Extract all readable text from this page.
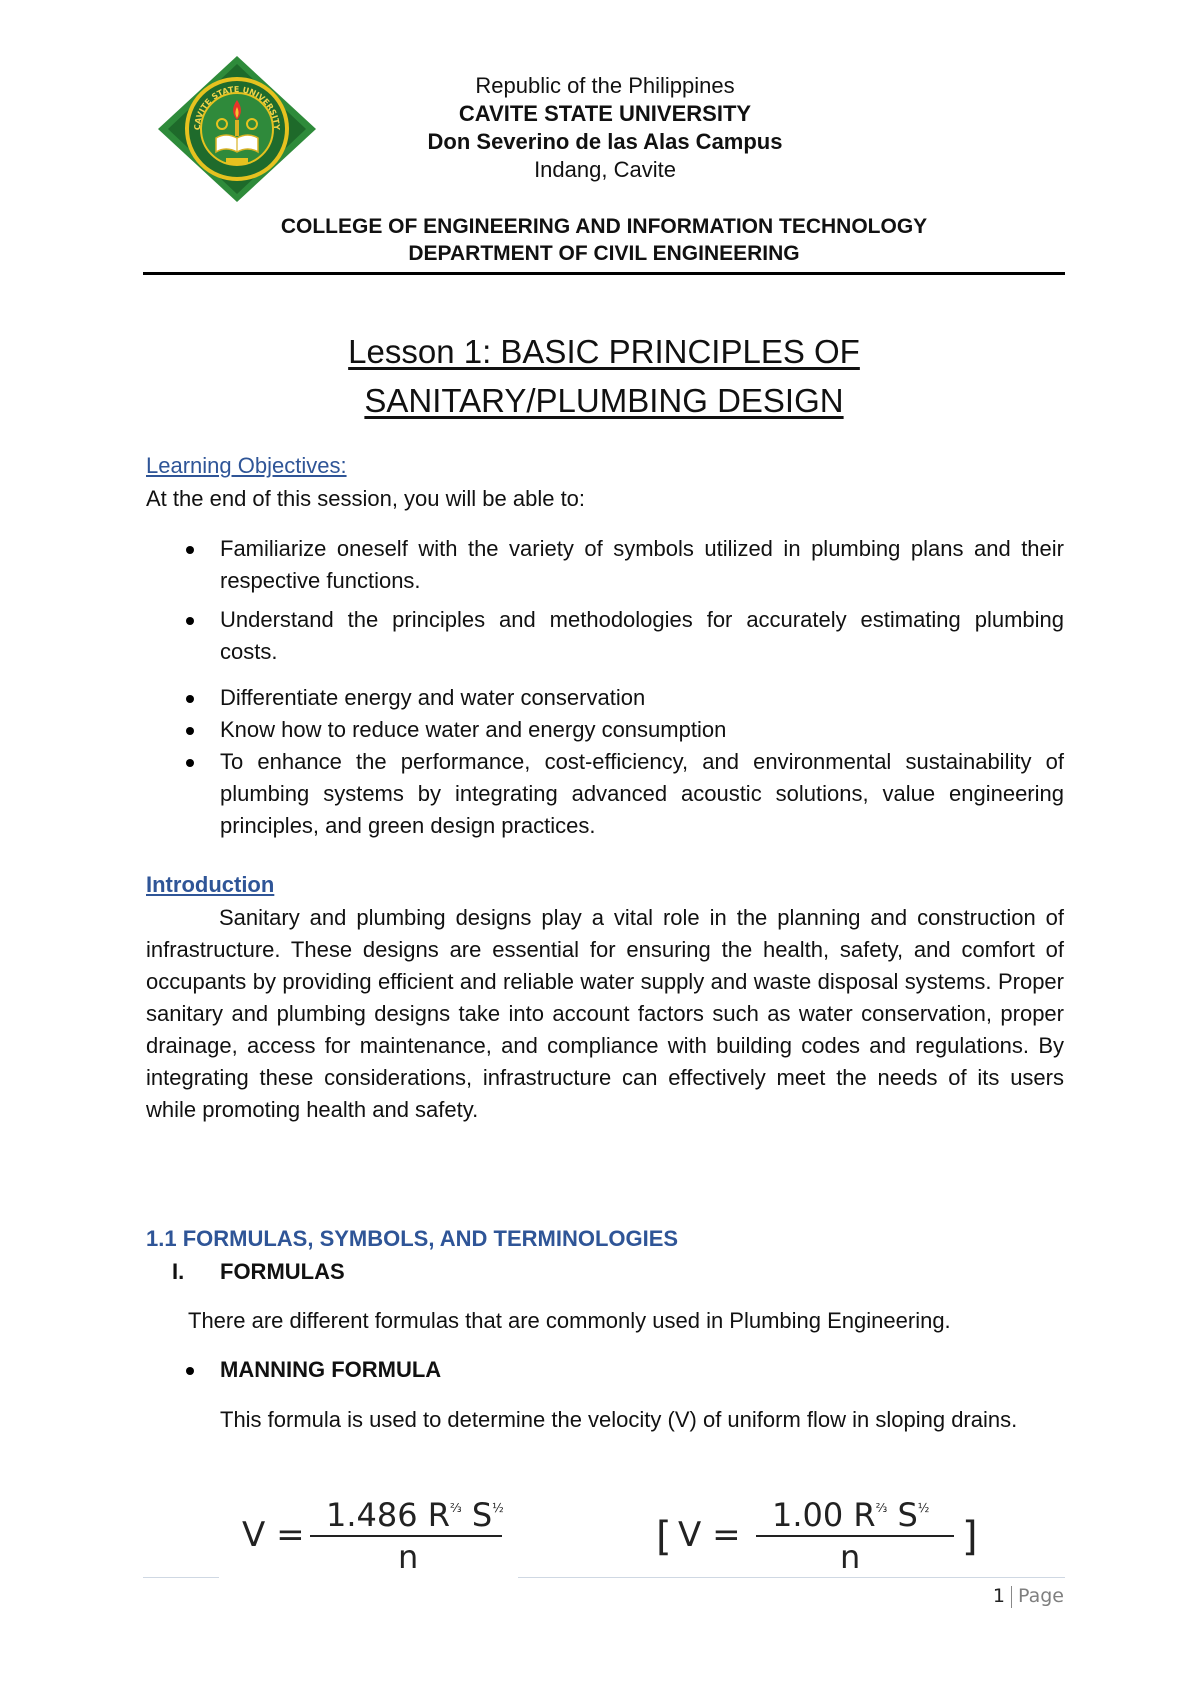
CAVITE STATE UNIVERSITY
Republic of the Philippines
CAVITE STATE UNIVERSITY
Don Severino de las Alas Campus
Indang, Cavite
COLLEGE OF ENGINEERING AND INFORMATION TECHNOLOGY
DEPARTMENT OF CIVIL ENGINEERING
Lesson 1: BASIC PRINCIPLES OF
SANITARY/PLUMBING DESIGN
Learning Objectives:
At the end of this session, you will be able to:
Familiarize oneself with the variety of symbols utilized in plumbing plans and their respective functions.
Understand the principles and methodologies for accurately estimating plumbing costs.
Differentiate energy and water conservation
Know how to reduce water and energy consumption
To enhance the performance, cost-efficiency, and environmental sustainability of plumbing systems by integrating advanced acoustic solutions, value engineering principles, and green design practices.
Introduction
Sanitary and plumbing designs play a vital role in the planning and construction of infrastructure. These designs are essential for ensuring the health, safety, and comfort of occupants by providing efficient and reliable water supply and waste disposal systems. Proper sanitary and plumbing designs take into account factors such as water conservation, proper drainage, access for maintenance, and compliance with building codes and regulations. By integrating these considerations, infrastructure can effectively meet the needs of its users while promoting health and safety.
1.1 FORMULAS, SYMBOLS, AND TERMINOLOGIES
I. FORMULAS
There are different formulas that are commonly used in Plumbing Engineering.
MANNING FORMULA
This formula is used to determine the velocity (V) of uniform flow in sloping drains.
V = 1.486 $R^{\frac{2}{3}}$ $S^{\frac{1}{2}}$
n	[ V = 1.00 $R^{\frac{2}{3}}$ $S^{\frac{1}{2}}$
n	]
1 Page
